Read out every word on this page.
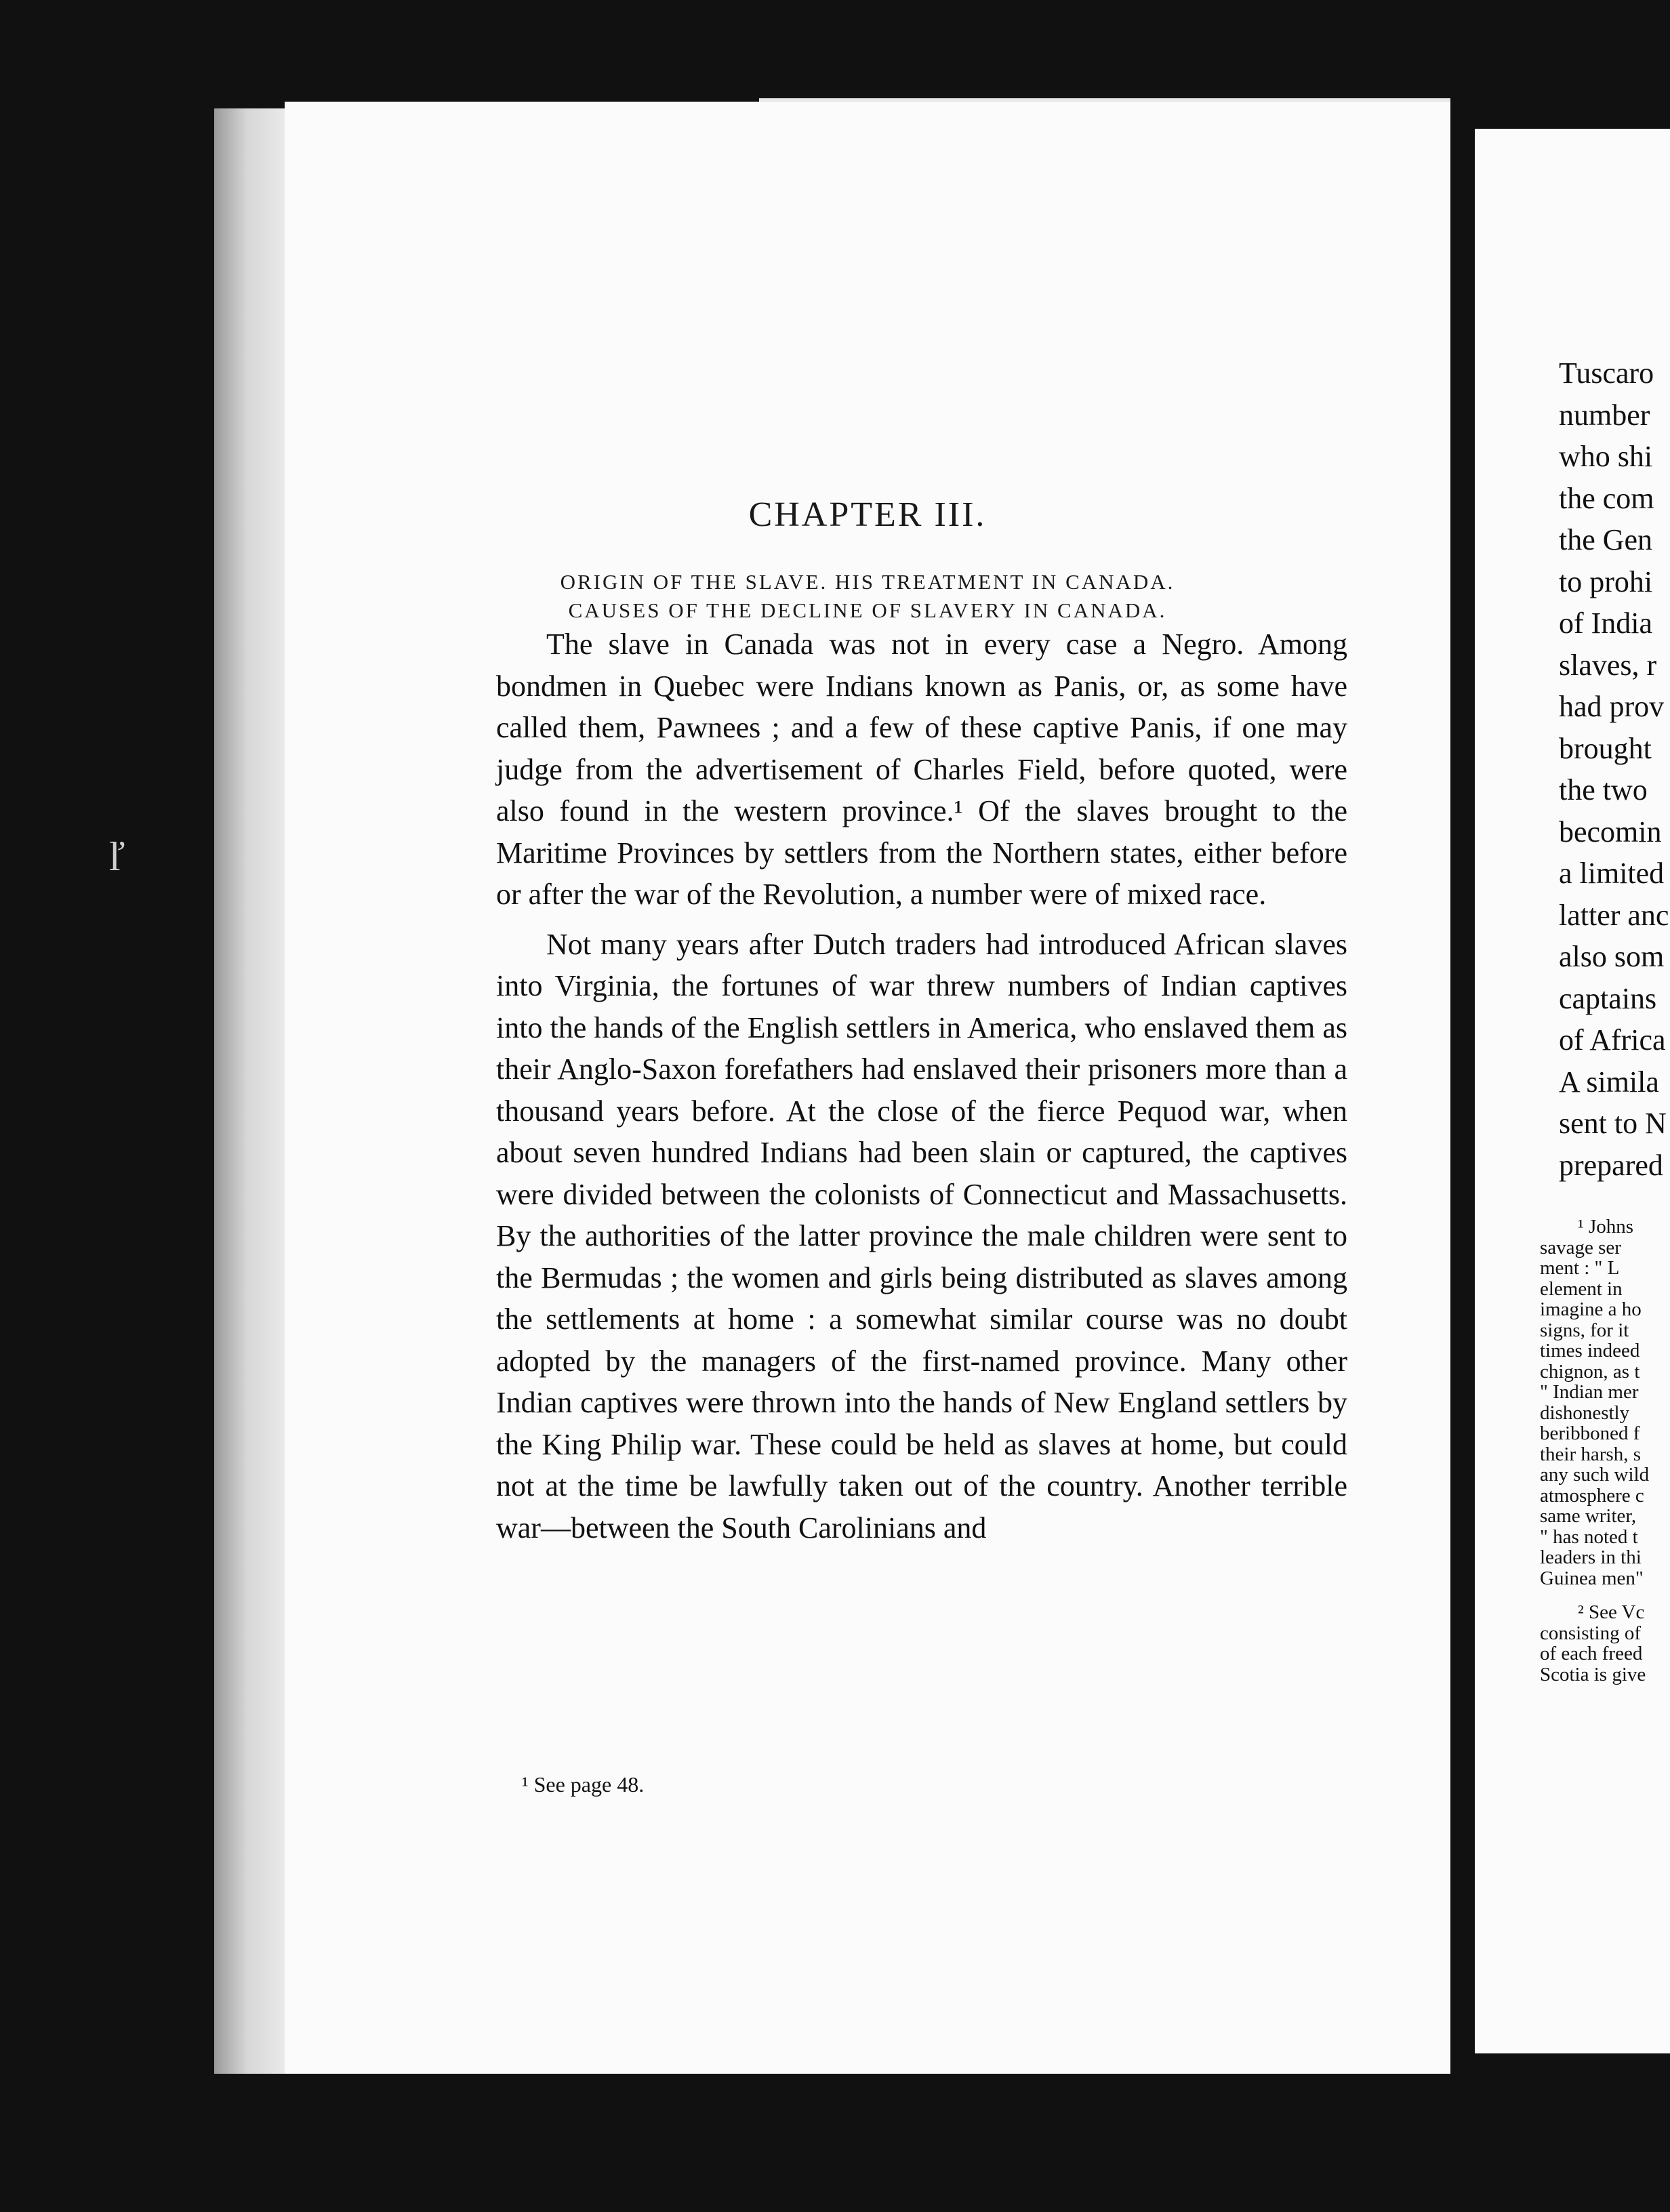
CHAPTER III.
ORIGIN OF THE SLAVE. HIS TREATMENT IN CANADA.
CAUSES OF THE DECLINE OF SLAVERY IN CANADA.

The slave in Canada was not in every case a Negro. Among bondmen in Quebec were Indians known as Panis, or, as some have called them, Pawnees ; and a few of these captive Panis, if one may judge from the advertisement of Charles Field, before quoted, were also found in the western province.¹ Of the slaves brought to the Maritime Provinces by settlers from the Northern states, either before or after the war of the Revolution, a number were of mixed race.

Not many years after Dutch traders had introduced African slaves into Virginia, the fortunes of war threw numbers of Indian captives into the hands of the English settlers in America, who enslaved them as their Anglo-Saxon forefathers had enslaved their prisoners more than a thousand years before. At the close of the fierce Pequod war, when about seven hundred Indians had been slain or captured, the captives were divided between the colonists of Connecticut and Massachusetts. By the authorities of the latter province the male children were sent to the Bermudas ; the women and girls being distributed as slaves among the settlements at home : a somewhat similar course was no doubt adopted by the managers of the first-named province. Many other Indian captives were thrown into the hands of New England settlers by the King Philip war. These could be held as slaves at home, but could not at the time be lawfully taken out of the country. Another terrible war—between the South Carolinians and

¹ See page 48.
Tuscaro
number
who shi
the com
the Gen
to prohi
of India
slaves, r
had prov
brought
the two
becomin
a limited
latter anc
also som
captains
of Africa
A simila
sent to N
prepared
¹ Johns
savage ser
ment : " L
element in
imagine a ho
signs, for it
times indeed
chignon, as t
" Indian mer
dishonestly
beribboned f
their harsh, s
any such wild
atmosphere c
same writer,
" has noted t
leaders in thi
Guinea men"
² See Vc
consisting of
of each freed
Scotia is give
ľ
